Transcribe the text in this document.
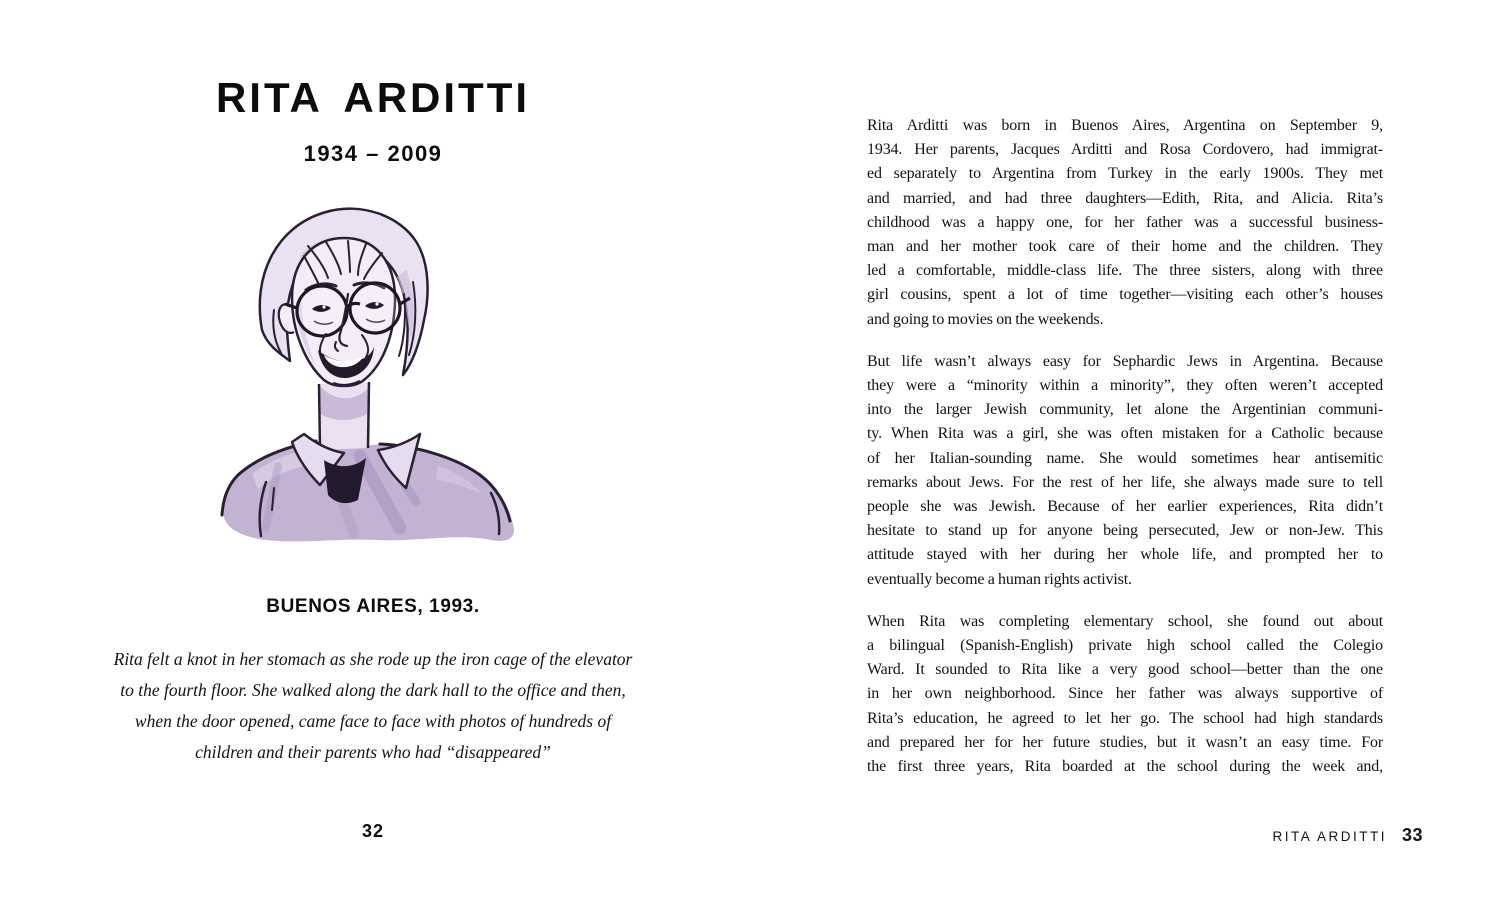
RITA ARDITTI
1934 – 2009
BUENOS AIRES, 1993.
Rita felt a knot in her stomach as she rode up the iron cage of the elevator
to the fourth floor. She walked along the dark hall to the office and then,
when the door opened, came face to face with photos of hundreds of
children and their parents who had “disappeared”
32
Rita Arditti was born in Buenos Aires, Argentina on September 9,
1934. Her parents, Jacques Arditti and Rosa Cordovero, had immigrat-
ed separately to Argentina from Turkey in the early 1900s. They met
and married, and had three daughters—Edith, Rita, and Alicia. Rita’s
childhood was a happy one, for her father was a successful business-
man and her mother took care of their home and the children. They
led a comfortable, middle-class life. The three sisters, along with three
girl cousins, spent a lot of time together—visiting each other’s houses
and going to movies on the weekends.
But life wasn’t always easy for Sephardic Jews in Argentina. Because
they were a “minority within a minority”, they often weren’t accepted
into the larger Jewish community, let alone the Argentinian communi-
ty. When Rita was a girl, she was often mistaken for a Catholic because
of her Italian-sounding name. She would sometimes hear antisemitic
remarks about Jews. For the rest of her life, she always made sure to tell
people she was Jewish. Because of her earlier experiences, Rita didn’t
hesitate to stand up for anyone being persecuted, Jew or non-Jew. This
attitude stayed with her during her whole life, and prompted her to
eventually become a human rights activist.
When Rita was completing elementary school, she found out about
a bilingual (Spanish-English) private high school called the Colegio
Ward. It sounded to Rita like a very good school—better than the one
in her own neighborhood. Since her father was always supportive of
Rita’s education, he agreed to let her go. The school had high standards
and prepared her for her future studies, but it wasn’t an easy time. For
the first three years, Rita boarded at the school during the week and,
RITA ARDITTI 33
